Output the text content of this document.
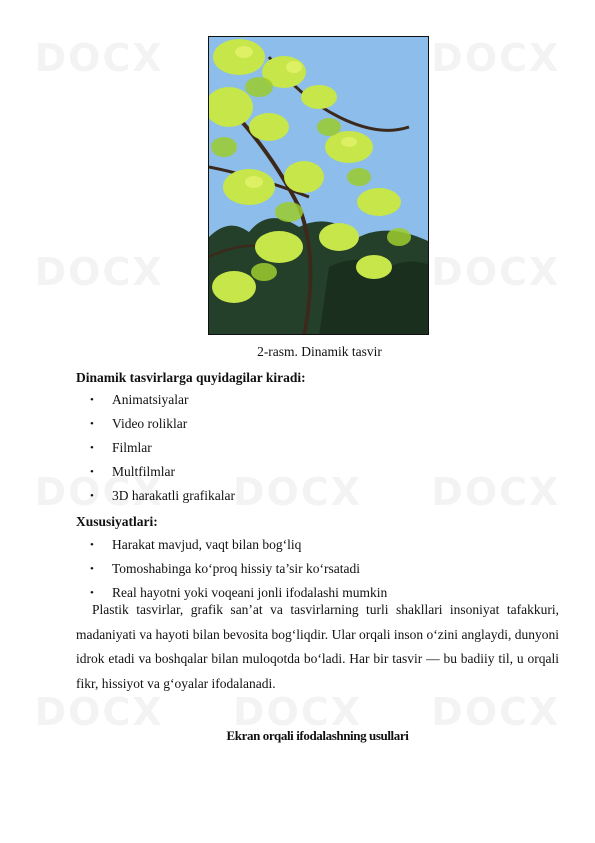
2-rasm. Dinamik tasvir
Dinamik tasvirlarga quyidagilar kiradi:
• Animatsiyalar
• Video roliklar
• Filmlar
• Multfilmlar
• 3D harakatli grafikalar
Xususiyatlari:
• Harakat mavjud, vaqt bilan bog‘liq
• Tomoshabinga ko‘proq hissiy ta’sir ko‘rsatadi
• Real hayotni yoki voqeani jonli ifodalashi mumkin
Plastik tasvirlar, grafik san’at va tasvirlarning turli shakllari insoniyat tafakkuri, madaniyati va hayoti bilan bevosita bog‘liqdir. Ular orqali inson o‘zini anglaydi, dunyoni idrok etadi va boshqalar bilan muloqotda bo‘ladi. Har bir tasvir — bu badiiy til, u orqali fikr, hissiyot va g‘oyalar ifodalanadi.
Ekran orqali ifodalashning usullari
